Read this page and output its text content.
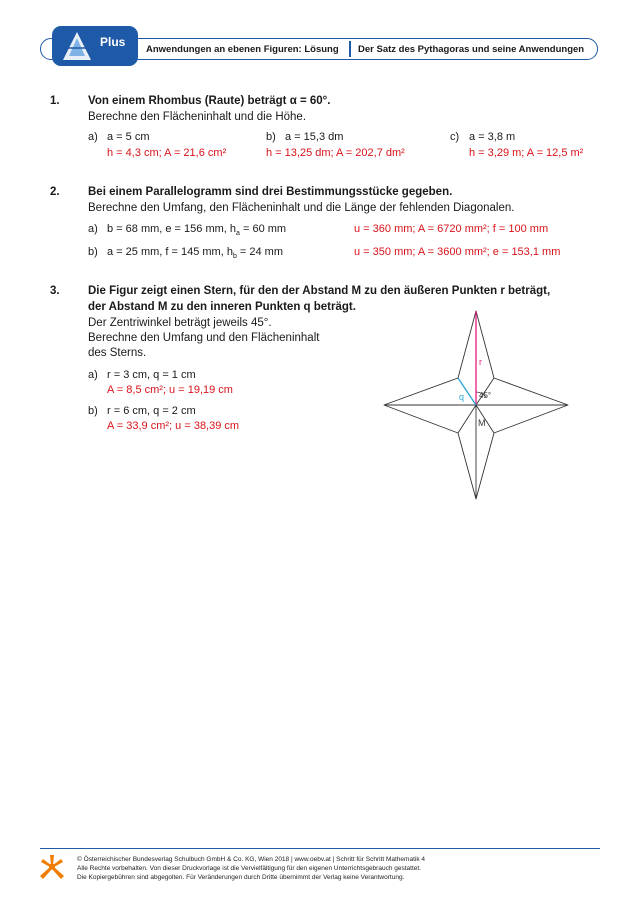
Plus
Anwendungen an ebenen Figuren: Lösung Der Satz des Pythagoras und seine Anwendungen
1. Von einem Rhombus (Raute) beträgt α = 60°.
Berechne den Flächeninhalt und die Höhe.
a) a = 5 cm
h = 4,3 cm; A = 21,6 cm²
b) a = 15,3 dm
h = 13,25 dm; A = 202,7 dm²
c) a = 3,8 m
h = 3,29 m; A = 12,5 m²
2. Bei einem Parallelogramm sind drei Bestimmungsstücke gegeben.
Berechne den Umfang, den Flächeninhalt und die Länge der fehlenden Diagonalen.
a) b = 68 mm, e = 156 mm, $h_a = 60$ mm	u = 360 mm; A = 6720 mm²; f = 100 mm
b) a = 25 mm, f = 145 mm, $h_b = 24$ mm	u = 350 mm; A = 3600 mm²; e = 153,1 mm
3. Die Figur zeigt einen Stern, für den der Abstand M zu den äußeren Punkten r beträgt,
der Abstand M zu den inneren Punkten q beträgt.
Der Zentriwinkel beträgt jeweils 45°.
Berechne den Umfang und den Flächeninhalt
des Sterns.
a) r = 3 cm, q = 1 cm
A = 8,5 cm²; u = 19,19 cm
b) r = 6 cm, q = 2 cm
A = 33,9 cm²; u = 38,39 cm
r
q 45°
M
© Österreichischer Bundesverlag Schulbuch GmbH & Co. KG, Wien 2018 | www.oebv.at | Schritt für Schritt Mathematik 4
Alle Rechte vorbehalten. Von dieser Druckvorlage ist die Vervielfältigung für den eigenen Unterrichtsgebrauch gestattet.
Die Kopiergebühren sind abgegolten. Für Veränderungen durch Dritte übernimmt der Verlag keine Verantwortung.
